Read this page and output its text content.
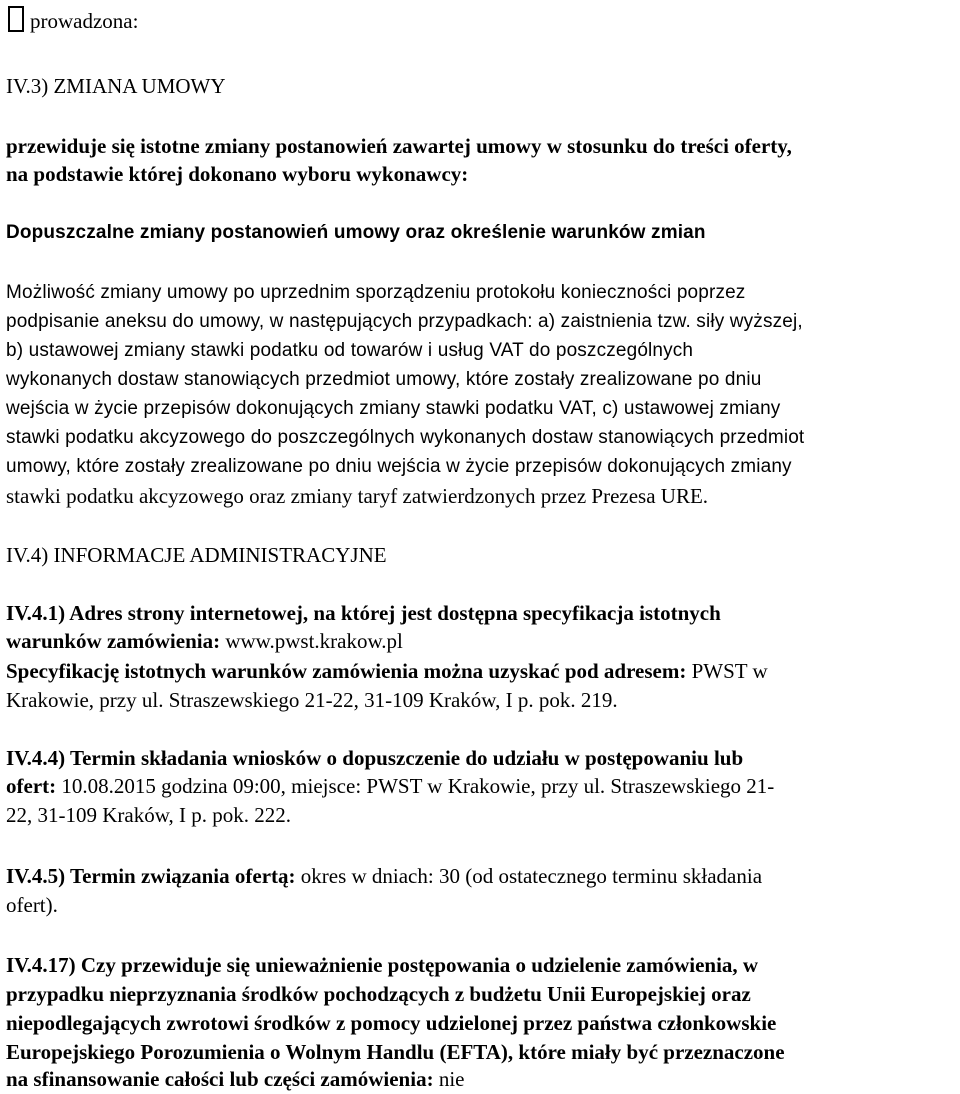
prowadzona:
IV.3) ZMIANA UMOWY
przewiduje się istotne zmiany postanowień zawartej umowy w stosunku do treści oferty,
na podstawie której dokonano wyboru wykonawcy:
Dopuszczalne zmiany postanowień umowy oraz określenie warunków zmian
Możliwość zmiany umowy po uprzednim sporządzeniu protokołu konieczności poprzez
podpisanie aneksu do umowy, w następujących przypadkach: a) zaistnienia tzw. siły wyższej,
b) ustawowej zmiany stawki podatku od towarów i usług VAT do poszczególnych
wykonanych dostaw stanowiących przedmiot umowy, które zostały zrealizowane po dniu
wejścia w życie przepisów dokonujących zmiany stawki podatku VAT, c) ustawowej zmiany
stawki podatku akcyzowego do poszczególnych wykonanych dostaw stanowiących przedmiot
umowy, które zostały zrealizowane po dniu wejścia w życie przepisów dokonujących zmiany
stawki podatku akcyzowego oraz zmiany taryf zatwierdzonych przez Prezesa URE.
IV.4) INFORMACJE ADMINISTRACYJNE
IV.4.1) Adres strony internetowej, na której jest dostępna specyfikacja istotnych
warunków zamówienia: www.pwst.krakow.pl
Specyfikację istotnych warunków zamówienia można uzyskać pod adresem: PWST w
Krakowie, przy ul. Straszewskiego 21-22, 31-109 Kraków, I p. pok. 219.
IV.4.4) Termin składania wniosków o dopuszczenie do udziału w postępowaniu lub
ofert: 10.08.2015 godzina 09:00, miejsce: PWST w Krakowie, przy ul. Straszewskiego 21-
22, 31-109 Kraków, I p. pok. 222.
IV.4.5) Termin związania ofertą: okres w dniach: 30 (od ostatecznego terminu składania
ofert).
IV.4.17) Czy przewiduje się unieważnienie postępowania o udzielenie zamówienia, w
przypadku nieprzyznania środków pochodzących z budżetu Unii Europejskiej oraz
niepodlegających zwrotowi środków z pomocy udzielonej przez państwa członkowskie
Europejskiego Porozumienia o Wolnym Handlu (EFTA), które miały być przeznaczone
na sfinansowanie całości lub części zamówienia: nie
